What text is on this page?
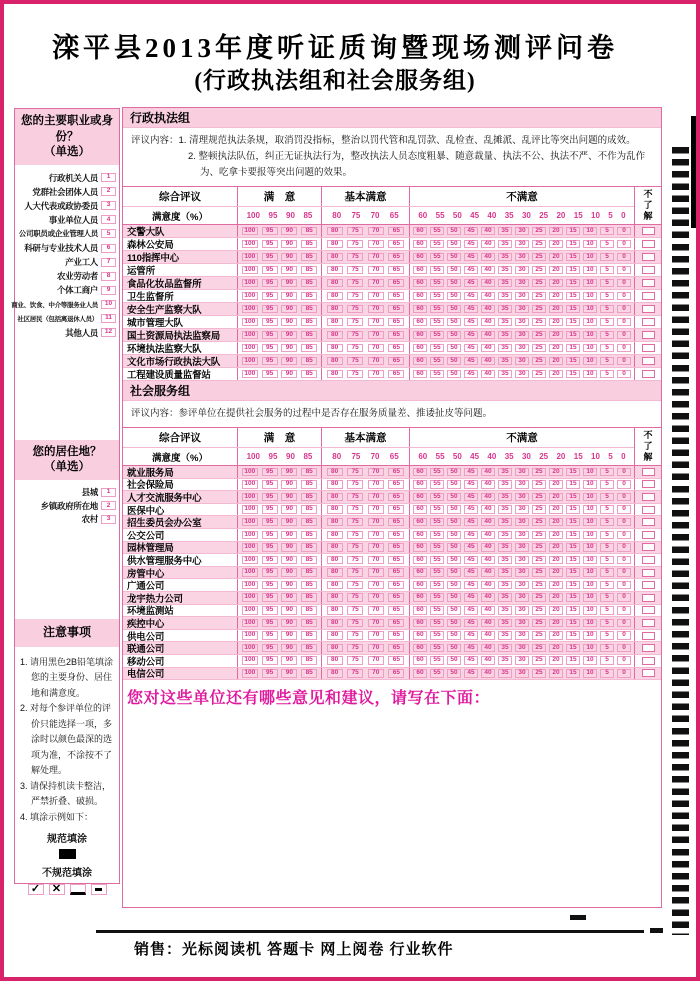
滦平县2013年度听证质询暨现场测评问卷
(行政执法组和社会服务组)
您的主要职业或身份？
（单选）
行政机关人员	1
党群社会团体人员	2
人大代表或政协委员	3
事业单位人员	4
公司职员或企业管理人员	5
科研与专业技术人员	6
产业工人	7
农业劳动者	8
个体工商户	9
商业、饮食、中介等服务业人员	10
社区居民（包括离退休人员）	11
其他人员	12
您的居住地？
（单选）
县城	1
乡镇政府所在地	2
农村	3
注意事项
1. 请用黑色2B铅笔填涂您的主要身份、居住地和满意度。
2. 对每个参评单位的评价只能选择一项，多涂时以颜色最深的选项为准，不涂按不了解处理。
3. 请保持机读卡整洁，严禁折叠、破损。
4. 填涂示例如下：
规范填涂
不规范填涂
✓	✕
行政执法组
评议内容：1. 清理规范执法条规，取消罚没指标，整治以罚代管和乱罚款、乱检查、乱摊派、乱评比等突出问题的成效。
2. 整顿执法队伍，纠正无证执法行为，整改执法人员态度粗暴、随意裁量、执法不公、执法不严、不作为乱作为、吃拿卡要报等突出问题的效果。
综合评议	满　意	基本满意	不满意
满意度（%）	100 95 90 85 80 75 70 65 60 55 50 45 40 35 30 25 20 15 10 5 0	不了解
交警大队	100	95	90	85	80	75	70	65	60	55	50	45	40	35	30	25	20	15	10	5	0
森林公安局	100	95	90	85	80	75	70	65	60	55	50	45	40	35	30	25	20	15	10	5	0
110指挥中心	100	95	90	85	80	75	70	65	60	55	50	45	40	35	30	25	20	15	10	5	0
运管所	100	95	90	85	80	75	70	65	60	55	50	45	40	35	30	25	20	15	10	5	0
食品化妆品监督所	100	95	90	85	80	75	70	65	60	55	50	45	40	35	30	25	20	15	10	5	0
卫生监督所	100	95	90	85	80	75	70	65	60	55	50	45	40	35	30	25	20	15	10	5	0
安全生产监察大队	100	95	90	85	80	75	70	65	60	55	50	45	40	35	30	25	20	15	10	5	0
城市管理大队	100	95	90	85	80	75	70	65	60	55	50	45	40	35	30	25	20	15	10	5	0
国土资源局执法监察局	100	95	90	85	80	75	70	65	60	55	50	45	40	35	30	25	20	15	10	5	0
环境执法监察大队	100	95	90	85	80	75	70	65	60	55	50	45	40	35	30	25	20	15	10	5	0
文化市场行政执法大队	100	95	90	85	80	75	70	65	60	55	50	45	40	35	30	25	20	15	10	5	0
工程建设质量监督站	100	95	90	85	80	75	70	65	60	55	50	45	40	35	30	25	20	15	10	5	0
社会服务组
评议内容：参评单位在提供社会服务的过程中是否存在服务质量差、推诿扯皮等问题。
综合评议	满　意	基本满意	不满意
满意度（%）	100 95 90 85 80 75 70 65 60 55 50 45 40 35 30 25 20 15 10 5 0	不了解
就业服务局	100	95	90	85	80	75	70	65	60	55	50	45	40	35	30	25	20	15	10	5	0
社会保险局	100	95	90	85	80	75	70	65	60	55	50	45	40	35	30	25	20	15	10	5	0
人才交流服务中心	100	95	90	85	80	75	70	65	60	55	50	45	40	35	30	25	20	15	10	5	0
医保中心	100	95	90	85	80	75	70	65	60	55	50	45	40	35	30	25	20	15	10	5	0
招生委员会办公室	100	95	90	85	80	75	70	65	60	55	50	45	40	35	30	25	20	15	10	5	0
公交公司	100	95	90	85	80	75	70	65	60	55	50	45	40	35	30	25	20	15	10	5	0
园林管理局	100	95	90	85	80	75	70	65	60	55	50	45	40	35	30	25	20	15	10	5	0
供水管理服务中心	100	95	90	85	80	75	70	65	60	55	50	45	40	35	30	25	20	15	10	5	0
房管中心	100	95	90	85	80	75	70	65	60	55	50	45	40	35	30	25	20	15	10	5	0
广通公司	100	95	90	85	80	75	70	65	60	55	50	45	40	35	30	25	20	15	10	5	0
龙宇热力公司	100	95	90	85	80	75	70	65	60	55	50	45	40	35	30	25	20	15	10	5	0
环境监测站	100	95	90	85	80	75	70	65	60	55	50	45	40	35	30	25	20	15	10	5	0
疾控中心	100	95	90	85	80	75	70	65	60	55	50	45	40	35	30	25	20	15	10	5	0
供电公司	100	95	90	85	80	75	70	65	60	55	50	45	40	35	30	25	20	15	10	5	0
联通公司	100	95	90	85	80	75	70	65	60	55	50	45	40	35	30	25	20	15	10	5	0
移动公司	100	95	90	85	80	75	70	65	60	55	50	45	40	35	30	25	20	15	10	5	0
电信公司	100	95	90	85	80	75	70	65	60	55	50	45	40	35	30	25	20	15	10	5	0
您对这些单位还有哪些意见和建议，请写在下面：
销售：光标阅读机 答题卡 网上阅卷 行业软件
